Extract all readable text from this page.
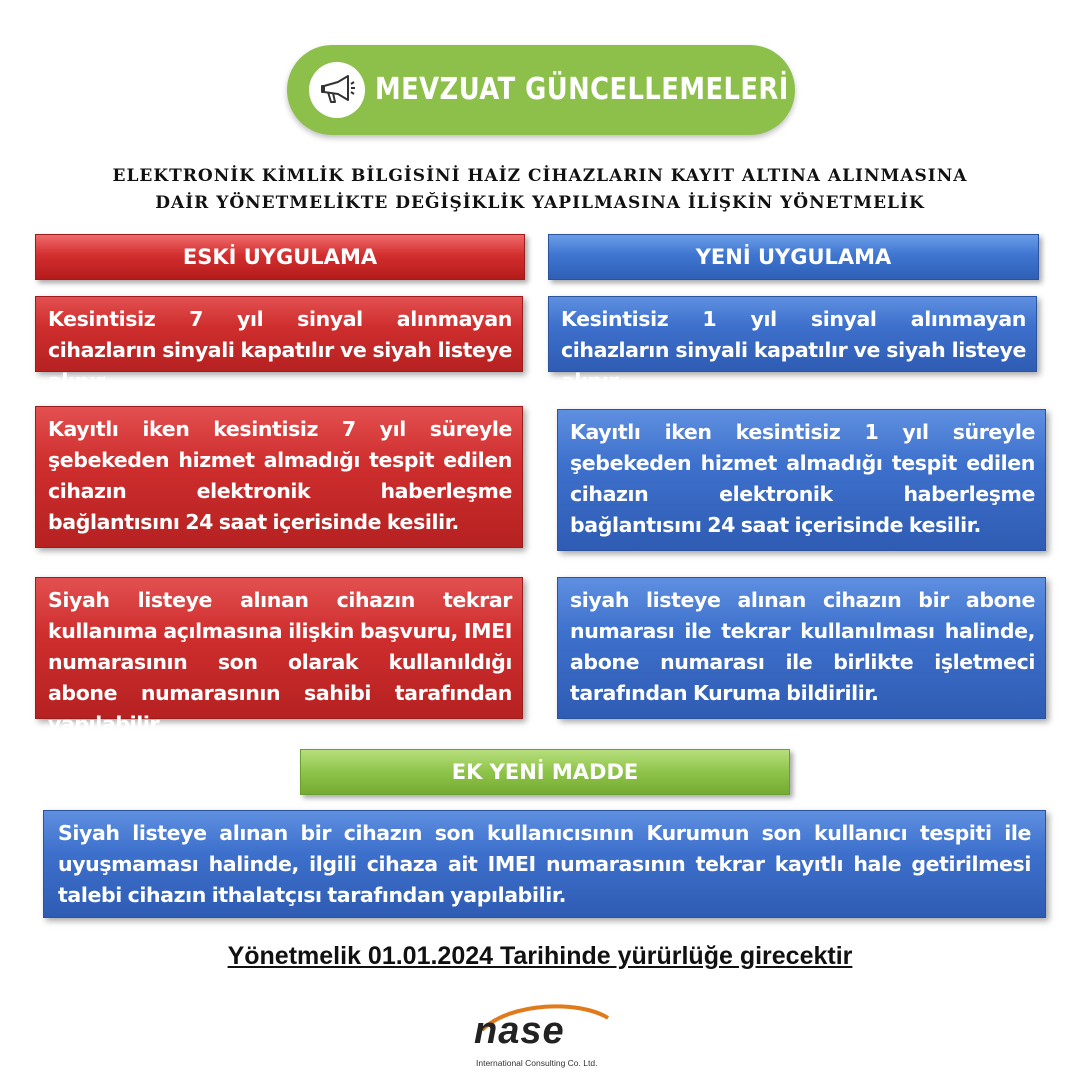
MEVZUAT GÜNCELLEMELERİ
ELEKTRONİK KİMLİK BİLGİSİNİ HAİZ CİHAZLARIN KAYIT ALTINA ALINMASINA
DAİR YÖNETMELİKTE DEĞİŞİKLİK YAPILMASINA İLİŞKİN YÖNETMELİK
ESKİ UYGULAMA	YENİ UYGULAMA
Kesintisiz 7 yıl sinyal alınmayan cihazların sinyali kapatılır ve siyah listeye alınır
Kayıtlı iken kesintisiz 7 yıl süreyle şebekeden hizmet almadığı tespit edilen cihazın elektronik haberleşme bağlantısını 24 saat içerisinde kesilir.
Siyah listeye alınan cihazın tekrar kullanıma açılmasına ilişkin başvuru, IMEI numarasının son olarak kullanıldığı abone numarasının sahibi tarafından yapılabilir.
Kesintisiz 1 yıl sinyal alınmayan cihazların sinyali kapatılır ve siyah listeye alınır
Kayıtlı iken kesintisiz 1 yıl süreyle şebekeden hizmet almadığı tespit edilen cihazın elektronik haberleşme bağlantısını 24 saat içerisinde kesilir.
siyah listeye alınan cihazın bir abone numarası ile tekrar kullanılması halinde, abone numarası ile birlikte işletmeci tarafından Kuruma bildirilir.
EK YENİ MADDE
Siyah listeye alınan bir cihazın son kullanıcısının Kurumun son kullanıcı tespiti ile uyuşmaması halinde, ilgili cihaza ait IMEI numarasının tekrar kayıtlı hale getirilmesi talebi cihazın ithalatçısı tarafından yapılabilir.
Yönetmelik 01.01.2024 Tarihinde yürürlüğe girecektir
nase
International Consulting Co. Ltd.
